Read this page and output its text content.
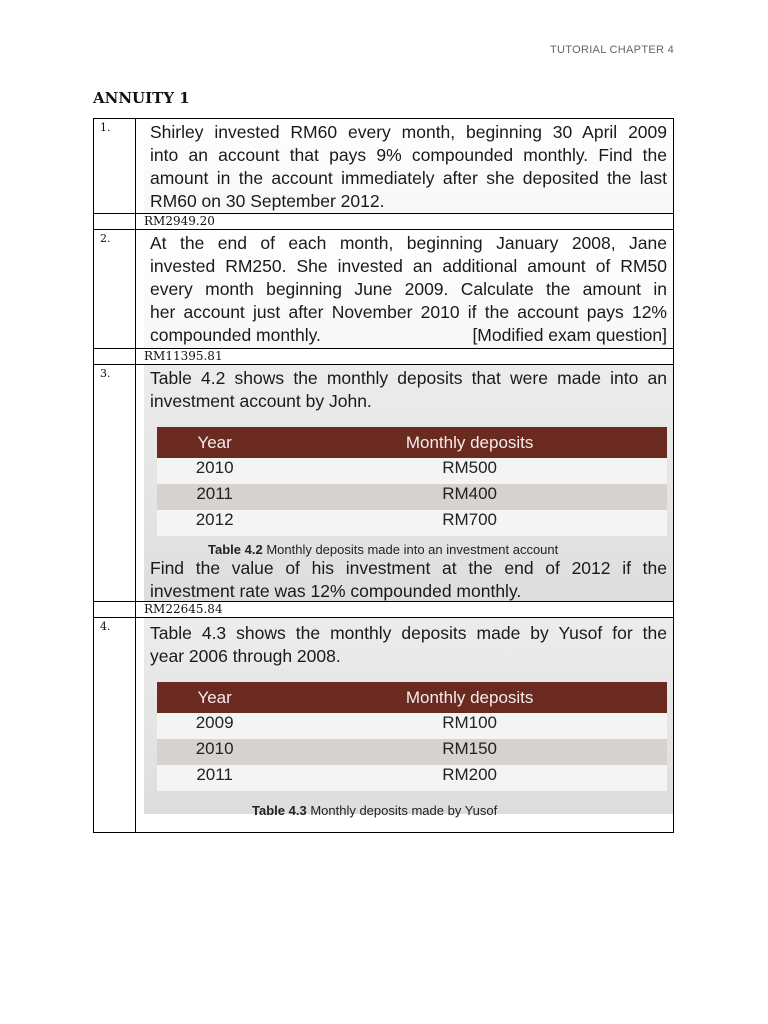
TUTORIAL CHAPTER 4
ANNUITY 1
1.	Shirley invested RM60 every month, beginning 30 April 2009
into an account that pays 9% compounded monthly. Find the
amount in the account immediately after she deposited the last
RM60 on 30 September 2012.

	RM2949.20
2.	At the end of each month, beginning January 2008, Jane
invested RM250. She invested an additional amount of RM50
every month beginning June 2009. Calculate the amount in
her account just after November 2010 if the account pays 12%
compounded monthly.	[Modified exam question]

	RM11395.81
3.	Table 4.2 shows the monthly deposits that were made into an
investment account by John.
Year	Monthly deposits
2010	RM500
2011	RM400
2012	RM700
Table 4.2 Monthly deposits made into an investment account
Find the value of his investment at the end of 2012 if the
investment rate was 12% compounded monthly.

	RM22645.84
4.	Table 4.3 shows the monthly deposits made by Yusof for the
year 2006 through 2008.
Year	Monthly deposits
2009	RM100
2010	RM150
2011	RM200
Table 4.3 Monthly deposits made by Yusof
